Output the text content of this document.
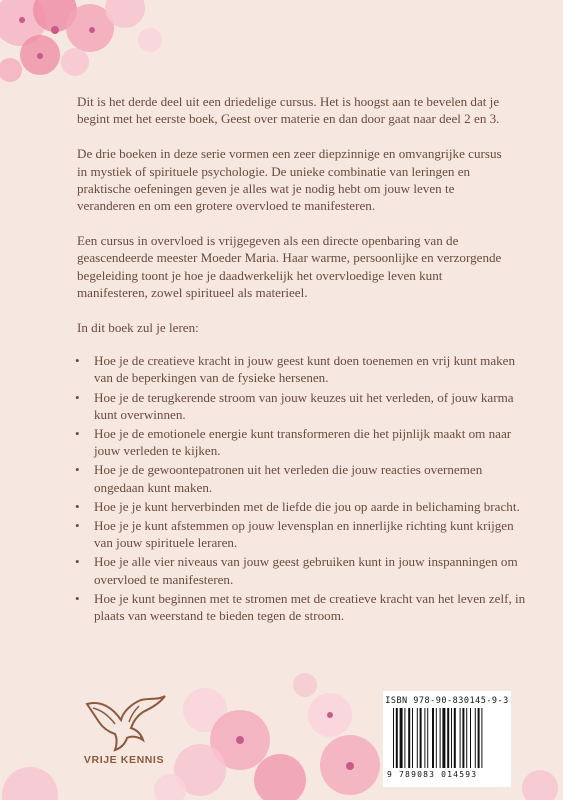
Dit is het derde deel uit een driedelige cursus. Het is hoogst aan te bevelen dat je begint met het eerste boek, Geest over materie en dan door gaat naar deel 2 en 3.

De drie boeken in deze serie vormen een zeer diepzinnige en omvangrijke cursus in mystiek of spirituele psychologie. De unieke combinatie van leringen en praktische oefeningen geven je alles wat je nodig hebt om jouw leven te veranderen en om een grotere overvloed te manifesteren.

Een cursus in overvloed is vrijgegeven als een directe openbaring van de geascendeerde meester Moeder Maria. Haar warme, persoonlijke en verzorgende begeleiding toont je hoe je daadwerkelijk het overvloedige leven kunt manifesteren, zowel spiritueel als materieel.

In dit boek zul je leren:

• Hoe je de creatieve kracht in jouw geest kunt doen toenemen en vrij kunt maken van de beperkingen van de fysieke hersenen.
• Hoe je de terugkerende stroom van jouw keuzes uit het verleden, of jouw karma kunt overwinnen.
• Hoe je de emotionele energie kunt transformeren die het pijnlijk maakt om naar jouw verleden te kijken.
• Hoe je de gewoontepatronen uit het verleden die jouw reacties overnemen ongedaan kunt maken.
• Hoe je je kunt herverbinden met de liefde die jou op aarde in belichaming bracht.
• Hoe je je kunt afstemmen op jouw levensplan en innerlijke richting kunt krijgen van jouw spirituele leraren.
• Hoe je alle vier niveaus van jouw geest gebruiken kunt in jouw inspanningen om overvloed te manifesteren.
• Hoe je kunt beginnen met te stromen met de creatieve kracht van het leven zelf, in plaats van weerstand te bieden tegen de stroom.
VRIJE KENNIS
ISBN 978-90-830145-9-3
9 789083 014593
